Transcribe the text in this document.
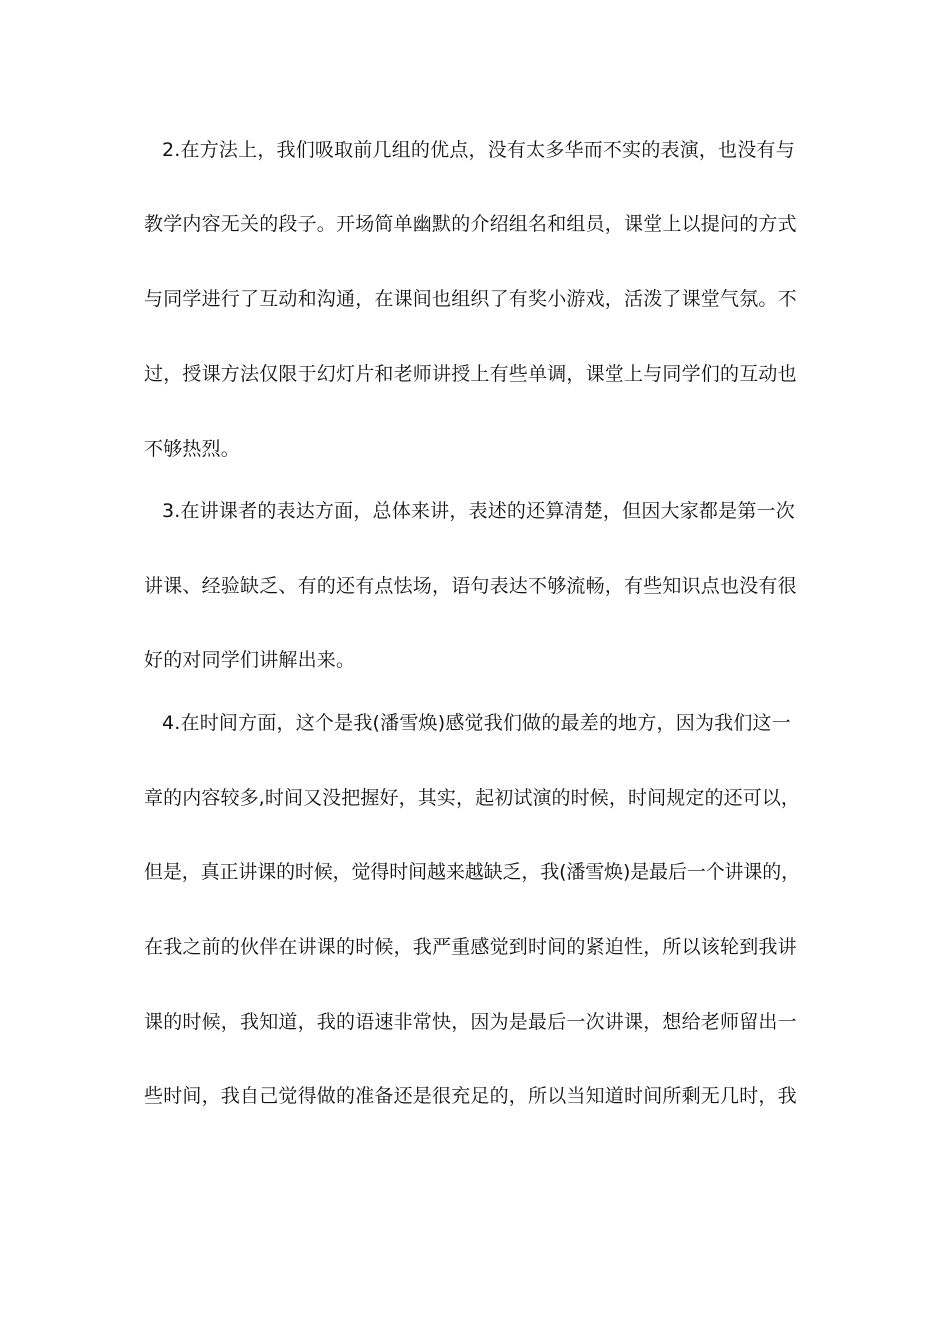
2.在方法上，我们吸取前几组的优点，没有太多华而不实的表演，也没有与
教学内容无关的段子。开场简单幽默的介绍组名和组员，课堂上以提问的方式
与同学进行了互动和沟通，在课间也组织了有奖小游戏，活泼了课堂气氛。不
过，授课方法仅限于幻灯片和老师讲授上有些单调，课堂上与同学们的互动也
不够热烈。
3.在讲课者的表达方面，总体来讲，表述的还算清楚，但因大家都是第一次
讲课、经验缺乏、有的还有点怯场，语句表达不够流畅，有些知识点也没有很
好的对同学们讲解出来。
4.在时间方面，这个是我(潘雪焕)感觉我们做的最差的地方，因为我们这一
章的内容较多,时间又没把握好，其实，起初试演的时候，时间规定的还可以，
但是，真正讲课的时候，觉得时间越来越缺乏，我(潘雪焕)是最后一个讲课的，
在我之前的伙伴在讲课的时候，我严重感觉到时间的紧迫性，所以该轮到我讲
课的时候，我知道，我的语速非常快，因为是最后一次讲课，想给老师留出一
些时间，我自己觉得做的准备还是很充足的，所以当知道时间所剩无几时，我
